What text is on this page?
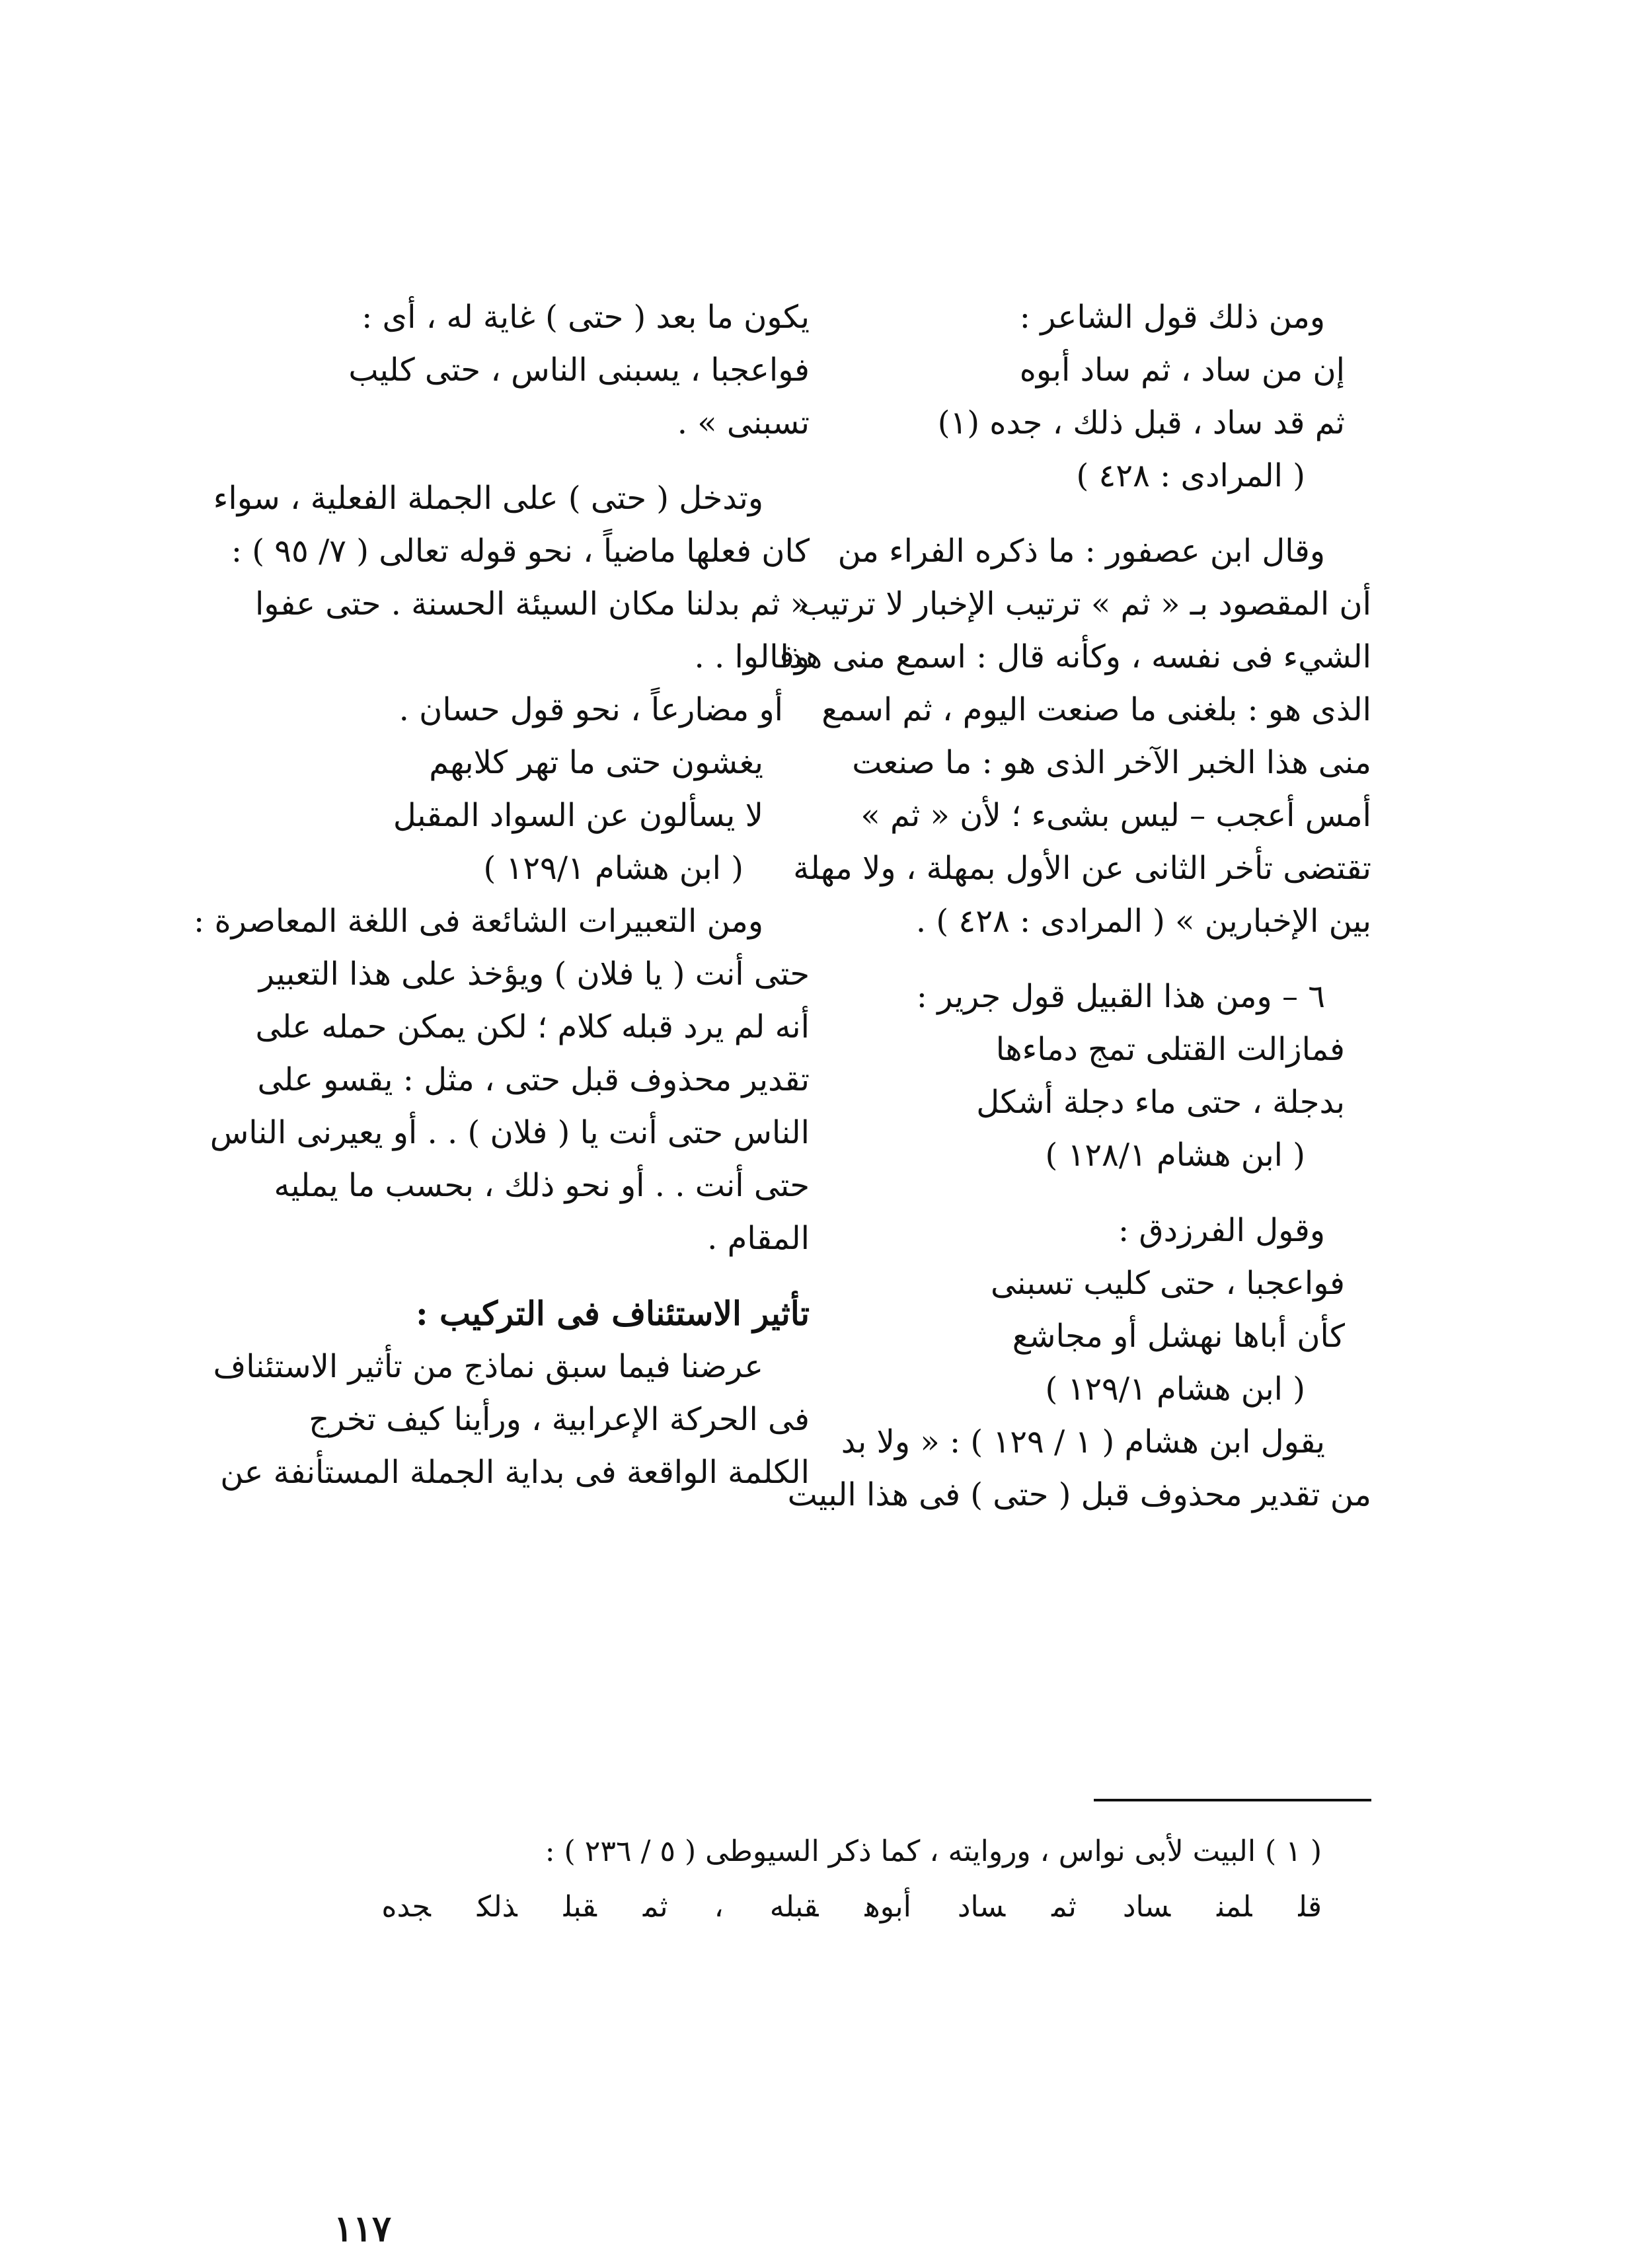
ومن ذلك قول الشاعر :
إن من ساد ، ثم ساد أبوه
ثم قد ساد ، قبل ذلك ، جده (١)
( المرادى : ٤٢٨ )
وقال ابن عصفور : ما ذكره الفراء من
أن المقصود بـ « ثم » ترتيب الإخبار لا ترتيب
الشيء فى نفسه ، وكأنه قال : اسمع منى هذا
الذى هو : بلغنى ما صنعت اليوم ، ثم اسمع
منى هذا الخبر الآخر الذى هو : ما صنعت
أمس أعجب – ليس بشىء ؛ لأن « ثم »
تقتضى تأخر الثانى عن الأول بمهلة ، ولا مهلة
بين الإخبارين » ( المرادى : ٤٢٨ ) .
٦ – ومن هذا القبيل قول جرير :
فمازالت القتلى تمج دماءها
بدجلة ، حتى ماء دجلة أشكل
( ابن هشام ١٢٨/١ )
وقول الفرزدق :
فواعجبا ، حتى كليب تسبنى
كأن أباها نهشل أو مجاشع
( ابن هشام ١٢٩/١ )
يقول ابن هشام ( ١ / ١٢٩ ) : « ولا بد
من تقدير محذوف قبل ( حتى ) فى هذا البيت
يكون ما بعد ( حتى ) غاية له ، أى :
فواعجبا ، يسبنى الناس ، حتى كليب
تسبنى » .
وتدخل ( حتى ) على الجملة الفعلية ، سواء
كان فعلها ماضياً ، نحو قوله تعالى ( ٧/ ٩٥ ) :
« ثم بدلنا مكان السيئة الحسنة . حتى عفوا
وقالوا . .
أو مضارعاً ، نحو قول حسان .
يغشون حتى ما تهر كلابهم
لا يسألون عن السواد المقبل
( ابن هشام ١٢٩/١ )
ومن التعبيرات الشائعة فى اللغة المعاصرة :
حتى أنت ( يا فلان ) ويؤخذ على هذا التعبير
أنه لم يرد قبله كلام ؛ لكن يمكن حمله على
تقدير محذوف قبل حتى ، مثل : يقسو على
الناس حتى أنت يا ( فلان ) . . أو يعيرنى الناس
حتى أنت . . أو نحو ذلك ، بحسب ما يمليه
المقام .
تأثير الاستئناف فى التركيب :
عرضنا فيما سبق نماذج من تأثير الاستئناف
فى الحركة الإعرابية ، ورأينا كيف تخرج
الكلمة الواقعة فى بداية الجملة المستأنفة عن
( ١ ) البيت لأبى نواس ، وروايته ، كما ذكر السيوطى ( ٥ / ٢٣٦ ) :
قللمنسادثمسادأبوهقبله،ثمقبلذلكجده
١١٧
